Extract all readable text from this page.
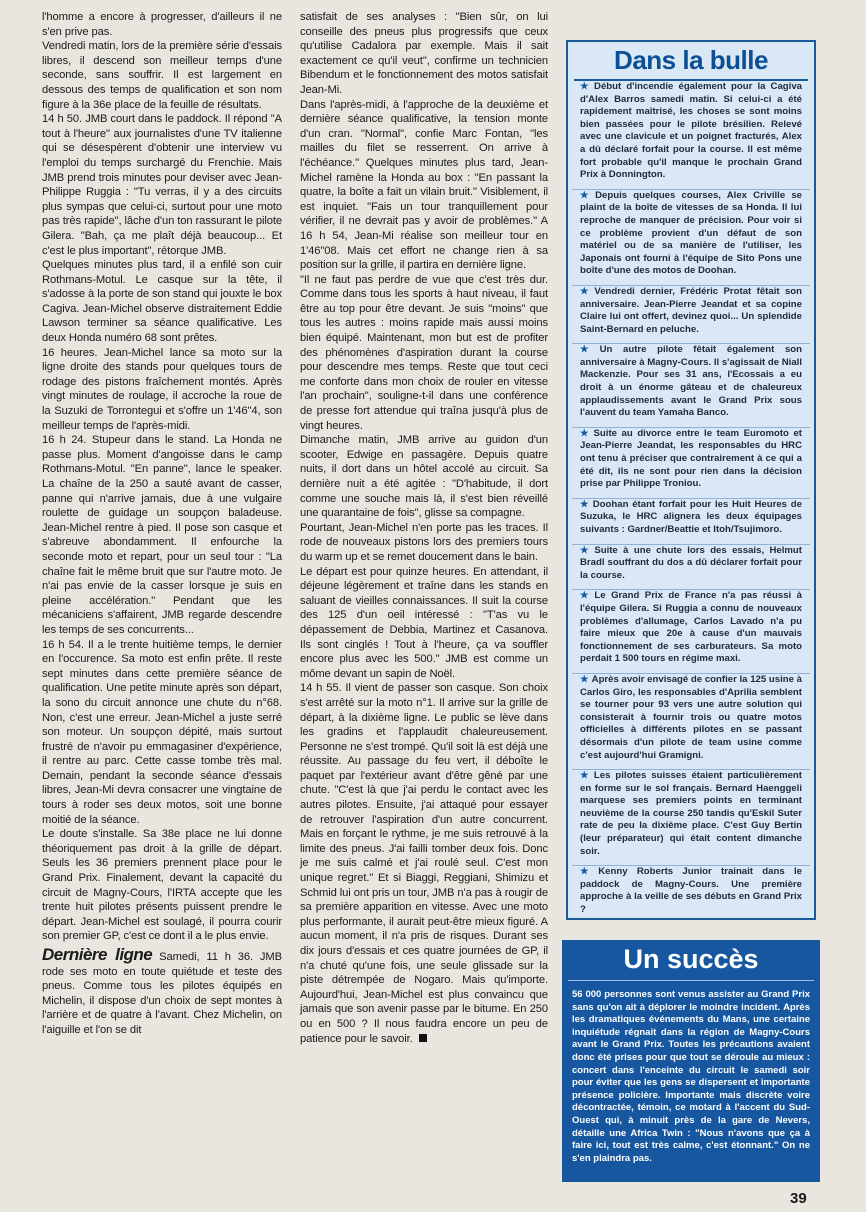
l'homme a encore à progresser, d'ailleurs il ne s'en prive pas.

Vendredi matin, lors de la première série d'essais libres, il descend son meilleur temps d'une seconde, sans souffrir. Il est largement en dessous des temps de qualification et son nom figure à la 36e place de la feuille de résultats.

14 h 50. JMB court dans le paddock. Il répond "A tout à l'heure" aux journalistes d'une TV italienne qui se désespèrent d'obtenir une interview vu l'emploi du temps surchargé du Frenchie. Mais JMB prend trois minutes pour deviser avec Jean-Philippe Ruggia : "Tu verras, il y a des circuits plus sympas que celui-ci, surtout pour une moto pas très rapide", lâche d'un ton rassurant le pilote Gilera. "Bah, ça me plaît déjà beaucoup... Et c'est le plus important", rétorque JMB.

Quelques minutes plus tard, il a enfilé son cuir Rothmans-Motul. Le casque sur la tête, il s'adosse à la porte de son stand qui jouxte le box Cagiva. Jean-Michel observe distraitement Eddie Lawson terminer sa séance qualificative. Les deux Honda numéro 68 sont prêtes.

16 heures. Jean-Michel lance sa moto sur la ligne droite des stands pour quelques tours de rodage des pistons fraîchement montés. Après vingt minutes de roulage, il accroche la roue de la Suzuki de Torrontegui et s'offre un 1'46"4, son meilleur temps de l'après-midi.

16 h 24. Stupeur dans le stand. La Honda ne passe plus. Moment d'angoisse dans le camp Rothmans-Motul. "En panne", lance le speaker. La chaîne de la 250 a sauté avant de casser, panne qui n'arrive jamais, due à une vulgaire roulette de guidage un soupçon baladeuse. Jean-Michel rentre à pied. Il pose son casque et s'abreuve abondamment. Il enfourche la seconde moto et repart, pour un seul tour : "La chaîne fait le même bruit que sur l'autre moto. Je n'ai pas envie de la casser lorsque je suis en pleine accélération." Pendant que les mécaniciens s'affairent, JMB regarde descendre les temps de ses concurrents...

16 h 54. Il a le trente huitième temps, le dernier en l'occurence. Sa moto est enfin prête. Il reste sept minutes dans cette première séance de qualification. Une petite minute après son départ, la sono du circuit annonce une chute du n°68. Non, c'est une erreur. Jean-Michel a juste serré son moteur. Un soupçon dépité, mais surtout frustré de n'avoir pu emmagasiner d'expérience, il rentre au parc. Cette casse tombe très mal. Demain, pendant la seconde séance d'essais libres, Jean-Mi devra consacrer une vingtaine de tours à roder ses deux motos, soit une bonne moitié de la séance.

Le doute s'installe. Sa 38e place ne lui donne théoriquement pas droit à la grille de départ. Seuls les 36 premiers prennent place pour le Grand Prix. Finalement, devant la capacité du circuit de Magny-Cours, l'IRTA accepte que les trente huit pilotes présents puissent prendre le départ. Jean-Michel est soulagé, il pourra courir son premier GP, c'est ce dont il a le plus envie.

Dernière ligne Samedi, 11 h 36. JMB rode ses moto en toute quiétude et teste des pneus. Comme tous les pilotes équipés en Michelin, il dispose d'un choix de sept montes à l'arrière et de quatre à l'avant. Chez Michelin, on l'aiguille et l'on se dit

satisfait de ses analyses : "Bien sûr, on lui conseille des pneus plus progressifs que ceux qu'utilise Cadalora par exemple. Mais il sait exactement ce qu'il veut", confirme un technicien Bibendum et le fonctionnement des motos satisfait Jean-Mi.

Dans l'après-midi, à l'approche de la deuxième et dernière séance qualificative, la tension monte d'un cran. "Normal", confie Marc Fontan, "les mailles du filet se resserrent. On arrive à l'échéance." Quelques minutes plus tard, Jean-Michel ramène la Honda au box : "En passant la quatre, la boîte a fait un vilain bruit." Visiblement, il est inquiet. "Fais un tour tranquillement pour vérifier, il ne devrait pas y avoir de problèmes." A 16 h 54, Jean-Mi réalise son meilleur tour en 1'46"08. Mais cet effort ne change rien à sa position sur la grille, il partira en dernière ligne.

"Il ne faut pas perdre de vue que c'est très dur. Comme dans tous les sports à haut niveau, il faut être au top pour être devant. Je suis "moins" que tous les autres : moins rapide mais aussi moins bien équipé. Maintenant, mon but est de profiter des phénomènes d'aspiration durant la course pour descendre mes temps. Reste que tout ceci me conforte dans mon choix de rouler en vitesse l'an prochain", souligne-t-il dans une conférence de presse fort attendue qui traîna jusqu'à plus de vingt heures.

Dimanche matin, JMB arrive au guidon d'un scooter, Edwige en passagère. Depuis quatre nuits, il dort dans un hôtel accolé au circuit. Sa dernière nuit a été agitée : "D'habitude, il dort comme une souche mais là, il s'est bien réveillé une quarantaine de fois", glisse sa compagne.

Pourtant, Jean-Michel n'en porte pas les traces. Il rode de nouveaux pistons lors des premiers tours du warm up et se remet doucement dans le bain.

Le départ est pour quinze heures. En attendant, il déjeune légèrement et traîne dans les stands en saluant de vieilles connaissances. Il suit la course des 125 d'un oeil intéressé : "T'as vu le dépassement de Debbia, Martinez et Casanova. Ils sont cinglés ! Tout à l'heure, ça va souffler encore plus avec les 500." JMB est comme un môme devant un sapin de Noël.

14 h 55. Il vient de passer son casque. Son choix s'est arrêté sur la moto n°1. Il arrive sur la grille de départ, à la dixième ligne. Le public se lève dans les gradins et l'applaudit chaleureusement. Personne ne s'est trompé. Qu'il soit là est déjà une réussite. Au passage du feu vert, il déboîte le paquet par l'extérieur avant d'être gêné par une chute. "C'est là que j'ai perdu le contact avec les autres pilotes. Ensuite, j'ai attaqué pour essayer de retrouver l'aspiration d'un autre concurrent. Mais en forçant le rythme, je me suis retrouvé à la limite des pneus. J'ai failli tomber deux fois. Donc je me suis calmé et j'ai roulé seul. C'est mon unique regret." Et si Biaggi, Reggiani, Shimizu et Schmid lui ont pris un tour, JMB n'a pas à rougir de sa première apparition en vitesse. Avec une moto plus performante, il aurait peut-être mieux figuré. A aucun moment, il n'a pris de risques. Durant ses dix jours d'essais et ces quatre journées de GP, il n'a chuté qu'une fois, une seule glissade sur la piste détrempée de Nogaro. Mais qu'importe. Aujourd'hui, Jean-Michel est plus convaincu que jamais que son avenir passe par le bitume. En 250 ou en 500 ? Il nous faudra encore un peu de patience pour le savoir.

Dans la bulle
★ Début d'incendie également pour la Cagiva d'Alex Barros samedi matin. Si celui-ci a été rapidement maîtrisé, les choses se sont moins bien passées pour le pilote brésilien. Relevé avec une clavicule et un poignet fracturés, Alex a dû déclaré forfait pour la course. Il est même fort probable qu'il manque le prochain Grand Prix à Donnington.
★ Depuis quelques courses, Alex Criville se plaint de la boîte de vitesses de sa Honda. Il lui reproche de manquer de précision. Pour voir si ce problème provient d'un défaut de son matériel ou de sa manière de l'utiliser, les Japonais ont fourni à l'équipe de Sito Pons une boîte d'une des motos de Doohan.
★ Vendredi dernier, Frédéric Protat fêtait son anniversaire. Jean-Pierre Jeandat et sa copine Claire lui ont offert, devinez quoi... Un splendide Saint-Bernard en peluche.
★ Un autre pilote fêtait également son anniversaire à Magny-Cours. Il s'agissait de Niall Mackenzie. Pour ses 31 ans, l'Ecossais a eu droit à un énorme gâteau et de chaleureux applaudissements avant le Grand Prix sous l'auvent du team Yamaha Banco.
★ Suite au divorce entre le team Euromoto et Jean-Pierre Jeandat, les responsables du HRC ont tenu à préciser que contrairement à ce qui a été dit, ils ne sont pour rien dans la décision prise par Philippe Troniou.
★ Doohan étant forfait pour les Huit Heures de Suzuka, le HRC alignera les deux équipages suivants : Gardner/Beattie et Itoh/Tsujimoro.
★ Suite à une chute lors des essais, Helmut Bradl souffrant du dos a dû déclarer forfait pour la course.
★ Le Grand Prix de France n'a pas réussi à l'équipe Gilera. Si Ruggia a connu de nouveaux problèmes d'allumage, Carlos Lavado n'a pu faire mieux que 20e à cause d'un mauvais fonctionnement de ses carburateurs. Sa moto perdait 1 500 tours en régime maxi.
★ Après avoir envisagé de confier la 125 usine à Carlos Giro, les responsables d'Aprilia semblent se tourner pour 93 vers une autre solution qui consisterait à fournir trois ou quatre motos officielles à différents pilotes en se passant désormais d'un pilote de team usine comme c'est aujourd'hui Gramigni.
★ Les pilotes suisses étaient particulièrement en forme sur le sol français. Bernard Haenggeli marquese ses premiers points en terminant neuvième de la course 250 tandis qu'Eskil Suter rate de peu la dixième place. C'est Guy Bertin (leur préparateur) qui était content dimanche soir.
★ Kenny Roberts Junior trainait dans le paddock de Magny-Cours. Une première approche à la veille de ses débuts en Grand Prix ?
Un succès
56 000 personnes sont venus assister au Grand Prix sans qu'on ait à déplorer le moindre incident. Après les dramatiques événements du Mans, une certaine inquiétude régnait dans la région de Magny-Cours avant le Grand Prix. Toutes les précautions avaient donc été prises pour que tout se déroule au mieux : concert dans l'enceinte du circuit le samedi soir pour éviter que les gens se dispersent et importante présence policière. Importante mais discrète voire décontractée, témoin, ce motard à l'accent du Sud-Ouest qui, à minuit près de la gare de Nevers, détaille une Africa Twin : "Nous n'avons que ça à faire ici, tout est très calme, c'est étonnant." On ne s'en plaindra pas.
39
